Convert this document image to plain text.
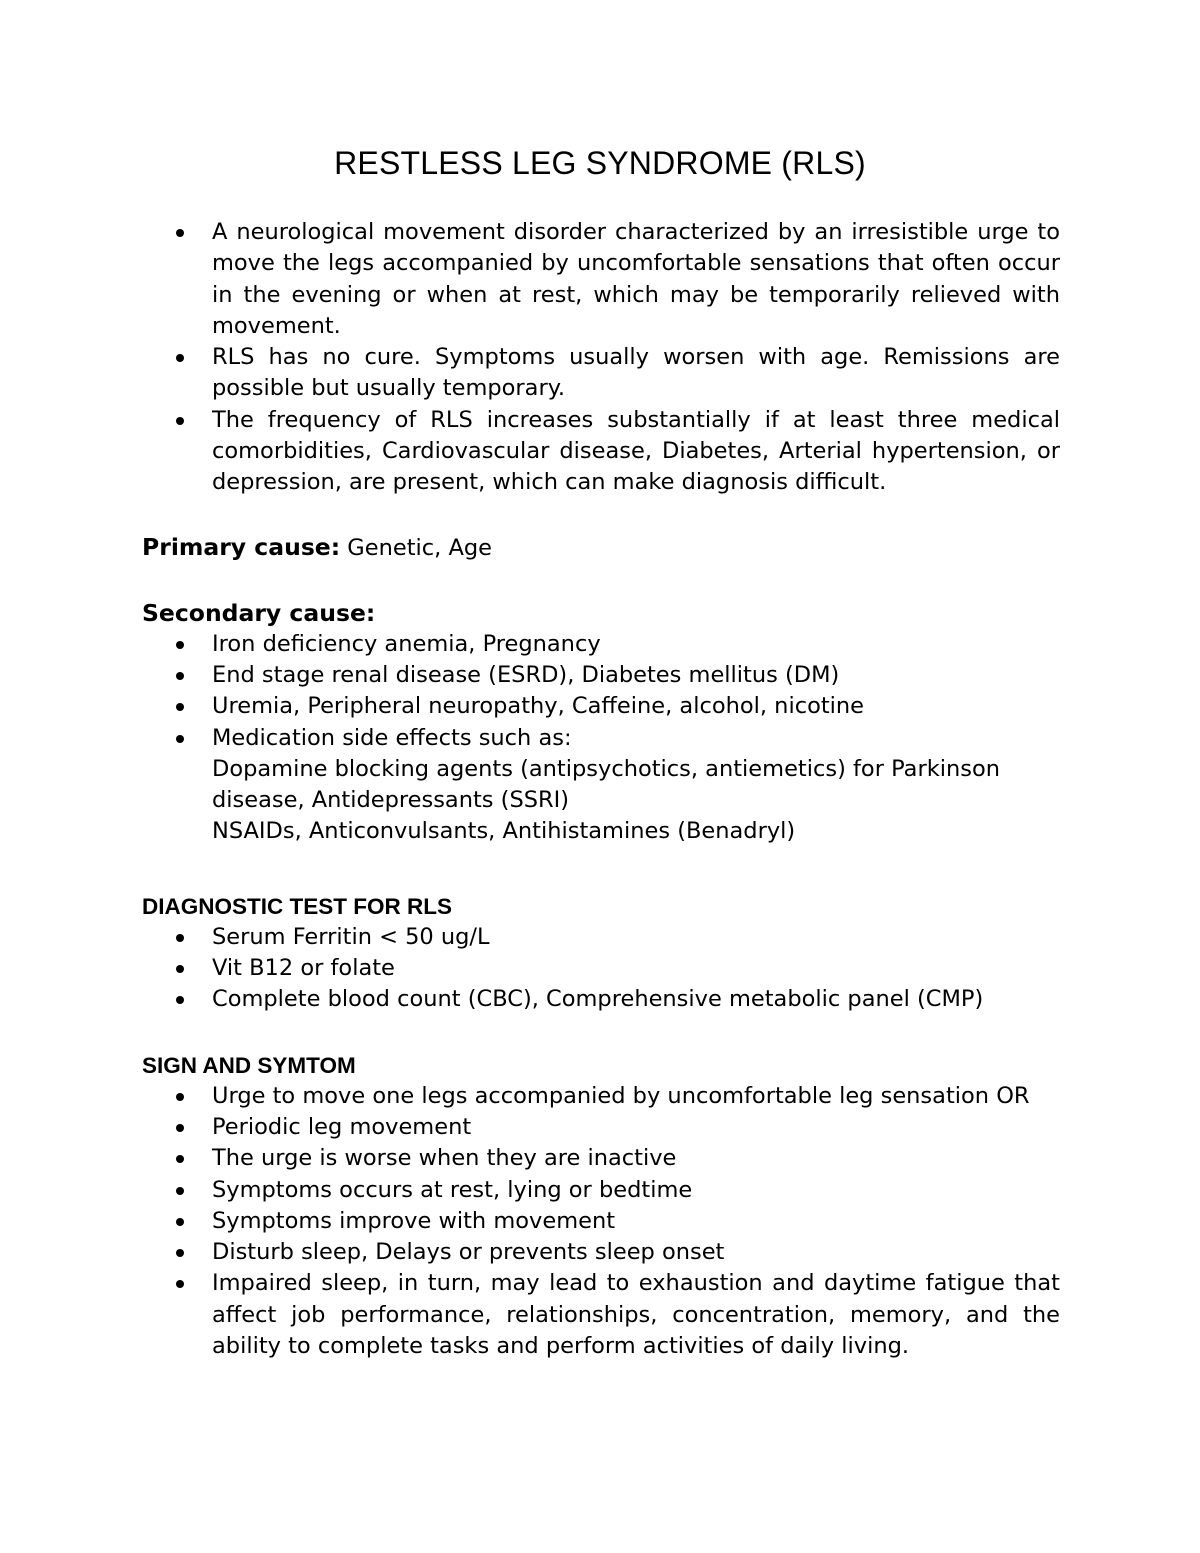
RESTLESS LEG SYNDROME (RLS)
A neurological movement disorder characterized by an irresistible urge to move the legs accompanied by uncomfortable sensations that often occur in the evening or when at rest, which may be temporarily relieved with movement.
RLS has no cure. Symptoms usually worsen with age. Remissions are possible but usually temporary.
The frequency of RLS increases substantially if at least three medical comorbidities, Cardiovascular disease, Diabetes, Arterial hypertension, or depression, are present, which can make diagnosis difficult.
Primary cause: Genetic, Age
Secondary cause:
Iron deficiency anemia, Pregnancy
End stage renal disease (ESRD), Diabetes mellitus (DM)
Uremia, Peripheral neuropathy, Caffeine, alcohol, nicotine
Medication side effects such as:
Dopamine blocking agents (antipsychotics, antiemetics) for Parkinson disease, Antidepressants (SSRI)
NSAIDs, Anticonvulsants, Antihistamines (Benadryl)
DIAGNOSTIC TEST FOR RLS
Serum Ferritin < 50 ug/L
Vit B12 or folate
Complete blood count (CBC), Comprehensive metabolic panel (CMP)
SIGN AND SYMTOM
Urge to move one legs accompanied by uncomfortable leg sensation OR
Periodic leg movement
The urge is worse when they are inactive
Symptoms occurs at rest, lying or bedtime
Symptoms improve with movement
Disturb sleep, Delays or prevents sleep onset
Impaired sleep, in turn, may lead to exhaustion and daytime fatigue that affect job performance, relationships, concentration, memory, and the ability to complete tasks and perform activities of daily living.
